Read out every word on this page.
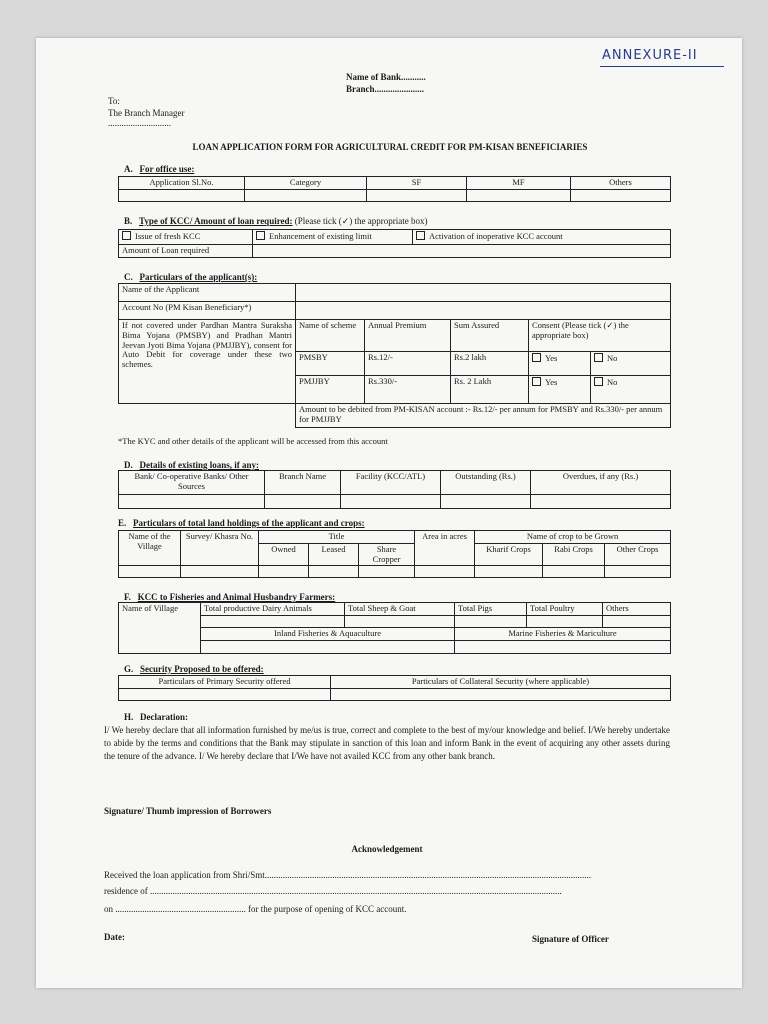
ANNEXURE-II
Name of Bank...........
Branch......................
To:
The Branch Manager
............................
LOAN APPLICATION FORM FOR AGRICULTURAL CREDIT FOR PM-KISAN BENEFICIARIES
A. For office use:
Application Sl.No.	Category	SF	MF	Others

B. Type of KCC/ Amount of loan required: (Please tick (✓) the appropriate box)
Issue of fresh KCC	Enhancement of existing limit	Activation of inoperative KCC account
Amount of Loan required		
C. Particulars of the applicant(s):
Name of the Applicant					
Account No (PM Kisan Beneficiary*)					
If not covered under Pardhan Mantra Suraksha Bima Yojana (PMSBY) and Pradhan Mantri Jeevan Jyoti Bima Yojana (PMJJBY), consent for Auto Debit for coverage under these two schemes.	Name of scheme	Annual Premium	Sum Assured	Consent (Please tick (✓) the appropriate box)	
	PMSBY	Rs.12/-	Rs.2 lakh	Yes	No
	PMJJBY	Rs.330/-	Rs. 2 Lakh	Yes	No
	Amount to be debited from PM-KISAN account :- Rs.12/- per annum for PMSBY and Rs.330/- per annum for PMJJBY				
*The KYC and other details of the applicant will be accessed from this account
D. Details of existing loans, if any:
Bank/ Co-operative Banks/ Other Sources	Branch Name	Facility (KCC/ATL)	Outstanding (Rs.)	Overdues, if any (Rs.)

E. Particulars of total land holdings of the applicant and crops:
Name of the Village	Survey/ Khasra No.	Title			Area in acres	Name of crop to be Grown		
		Owned	Leased	Share Cropper		Kharif Crops	Rabi Crops	Other Crops

F. KCC to Fisheries and Animal Husbandry Farmers:
Name of Village	Total productive Dairy Animals	Total Sheep & Goat	Total Pigs	Total Poultry	Others

	Inland Fisheries & Aquaculture		Marine Fisheries & Mariculture		

G. Security Proposed to be offered:
Particulars of Primary Security offered	Particulars of Collateral Security (where applicable)

H. Declaration:
I/ We hereby declare that all information furnished by me/us is true, correct and complete to the best of my/our knowledge and belief. I/We hereby undertake to abide by the terms and conditions that the Bank may stipulate in sanction of this loan and inform Bank in the event of acquiring any other assets during the tenure of the advance. I/ We hereby declare that I/We have not availed KCC from any other bank branch.
Signature/ Thumb impression of Borrowers
Acknowledgement
Received the loan application from Shri/Smt.................................................................................................................................................
residence of .......................................................................................................................................................................................
on .......................................................... for the purpose of opening of KCC account.
Date:	Signature of Officer
